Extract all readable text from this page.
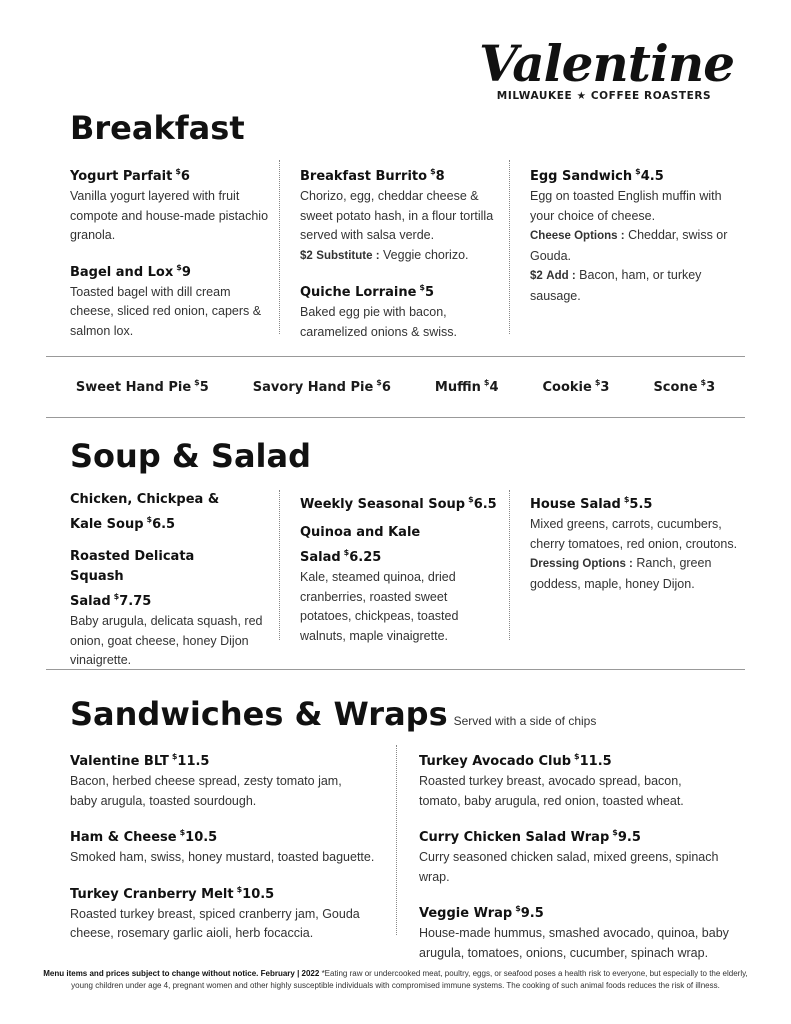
Valentine
MILWAUKEE ★ COFFEE ROASTERS
Breakfast
Yogurt Parfait $6
Vanilla yogurt layered with fruit compote and house-made pistachio granola.
Bagel and Lox $9
Toasted bagel with dill cream cheese, sliced red onion, capers & salmon lox.
Breakfast Burrito $8
Chorizo, egg, cheddar cheese & sweet potato hash, in a flour tortilla served with salsa verde.
$2 Substitute : Veggie chorizo.
Quiche Lorraine $5
Baked egg pie with bacon, caramelized onions & swiss.
Egg Sandwich $4.5
Egg on toasted English muffin with your choice of cheese.
Cheese Options : Cheddar, swiss or Gouda.
$2 Add : Bacon, ham, or turkey sausage.
Sweet Hand Pie $5	Savory Hand Pie $6	Muffin $4	Cookie $3	Scone $3
Soup & Salad
Chicken, Chickpea & Kale Soup $6.5
Roasted Delicata Squash Salad $7.75
Baby arugula, delicata squash, red onion, goat cheese, honey Dijon vinaigrette.
Weekly Seasonal Soup $6.5
Quinoa and Kale Salad $6.25
Kale, steamed quinoa, dried cranberries, roasted sweet potatoes, chickpeas, toasted walnuts, maple vinaigrette.
House Salad $5.5
Mixed greens, carrots, cucumbers, cherry tomatoes, red onion, croutons.
Dressing Options : Ranch, green goddess, maple, honey Dijon.
Sandwiches & Wraps Served with a side of chips
Valentine BLT $11.5
Bacon, herbed cheese spread, zesty tomato jam, baby arugula, toasted sourdough.
Ham & Cheese $10.5
Smoked ham, swiss, honey mustard, toasted baguette.
Turkey Cranberry Melt $10.5
Roasted turkey breast, spiced cranberry jam, Gouda cheese, rosemary garlic aioli, herb focaccia.
Turkey Avocado Club $11.5
Roasted turkey breast, avocado spread, bacon, tomato, baby arugula, red onion, toasted wheat.
Curry Chicken Salad Wrap $9.5
Curry seasoned chicken salad, mixed greens, spinach wrap.
Veggie Wrap $9.5
House-made hummus, smashed avocado, quinoa, baby arugula, tomatoes, onions, cucumber, spinach wrap.
Menu items and prices subject to change without notice. February | 2022 *Eating raw or undercooked meat, poultry, eggs, or seafood poses a health risk to everyone, but especially to the elderly, young children under age 4, pregnant women and other highly susceptible individuals with compromised immune systems. The cooking of such animal foods reduces the risk of illness.
